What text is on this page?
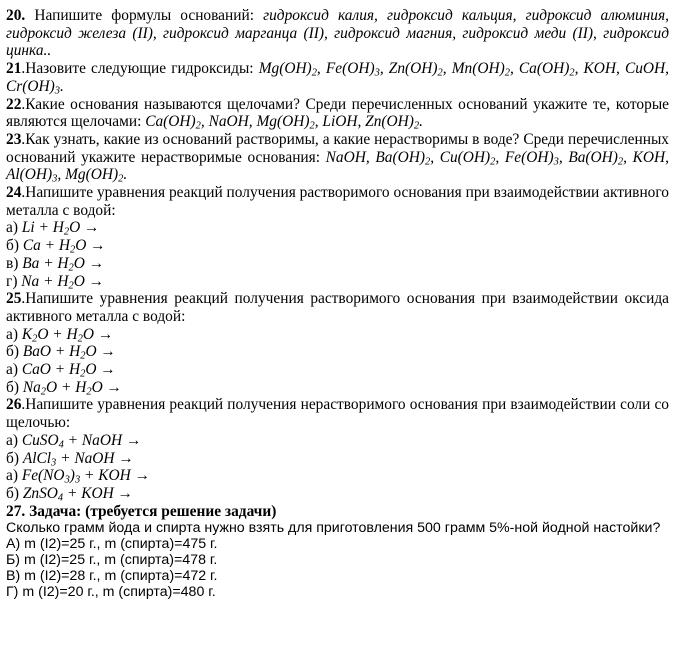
20. Напишите формулы оснований: гидроксид калия, гидроксид кальция, гидроксид алюминия, гидроксид железа (II), гидроксид марганца (II), гидроксид магния, гидроксид меди (II), гидроксид цинка..

21.Назовите следующие гидроксиды: $Mg(OH)_2$, $Fe(OH)_3$, $Zn(OH)_2$, $Mn(OH)_2$, $Ca(OH)_2$, KOH, CuOH, $Cr(OH)_3$.

22.Какие основания называются щелочами? Среди перечисленных оснований укажите те, которые являются щелочами: $Ca(OH)_2$, NaOH, $Mg(OH)_2$, LiOH, $Zn(OH)_2$.

23.Как узнать, какие из оснований растворимы, а какие нерастворимы в воде? Среди перечисленных оснований укажите нерастворимые основания: NaOH, $Ba(OH)_2$, $Cu(OH)_2$, $Fe(OH)_3$, $Ba(OH)_2$, KOH, $Al(OH)_3$, $Mg(OH)_2$.

24.Напишите уравнения реакций получения растворимого основания при взаимодействии активного металла с водой:

а) $Li + H_2O$ →

б) $Ca + H_2O$ →

в) $Ba + H_2O$ →

г) $Na + H_2O$ →

25.Напишите уравнения реакций получения растворимого основания при взаимодействии оксида активного металла с водой:

а) $K_2O + H_2O$ →

б) BaO + $H_2O$ →

а) CaO + $H_2O$ →

б) $Na_2O + H_2O$ →

26.Напишите уравнения реакций получения нерастворимого основания при взаимодействии соли со щелочью:

а) CuSO$_4$ + NaOH →

б) AlCl$_3$ + NaOH →

а) $Fe(NO_3)_3$ + KOH →

б) ZnSO$_4$ + KOH →

27. Задача: (требуется решение задачи)

Сколько грамм йода и спирта нужно взять для приготовления 500 грамм 5%-ной йодной настойки?

А) m (I2)=25 г., m (спирта)=475 г.

Б) m (I2)=25 г., m (спирта)=478 г.

В) m (I2)=28 г., m (спирта)=472 г.

Г) m (I2)=20 г., m (спирта)=480 г.
